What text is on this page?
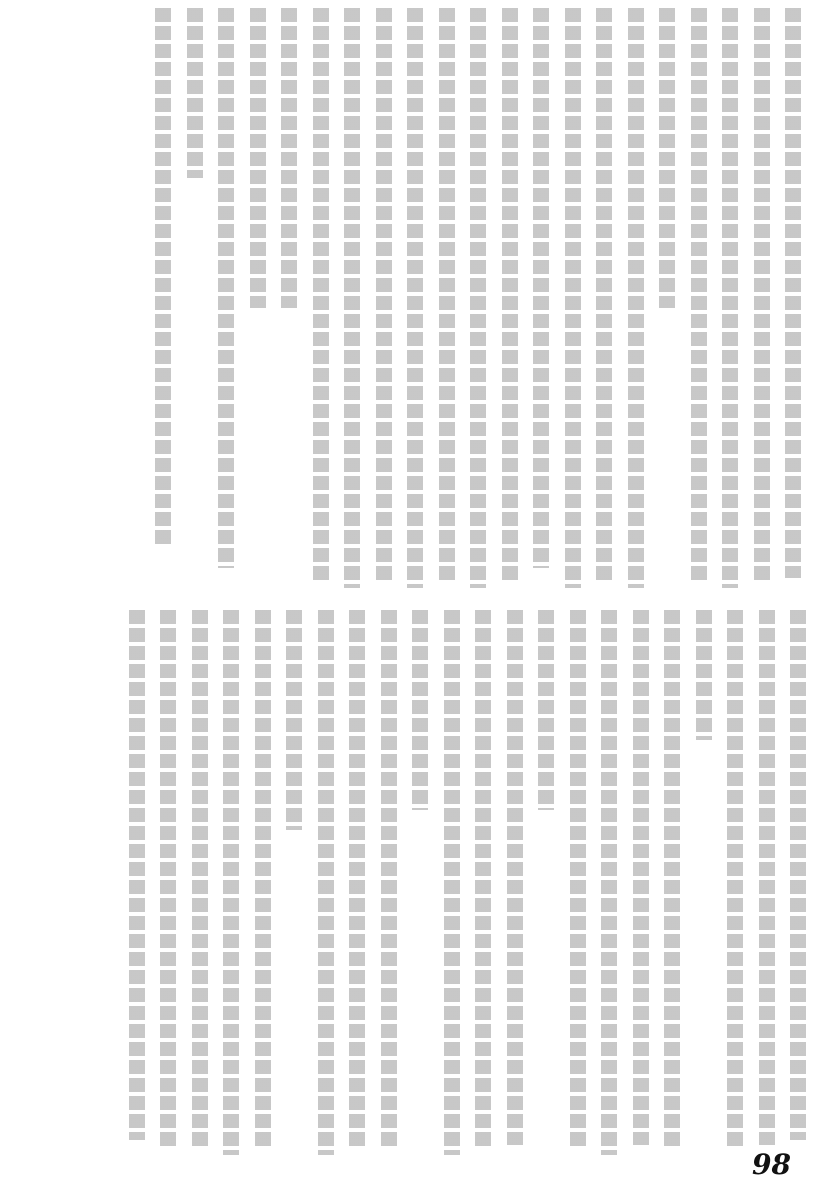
98
